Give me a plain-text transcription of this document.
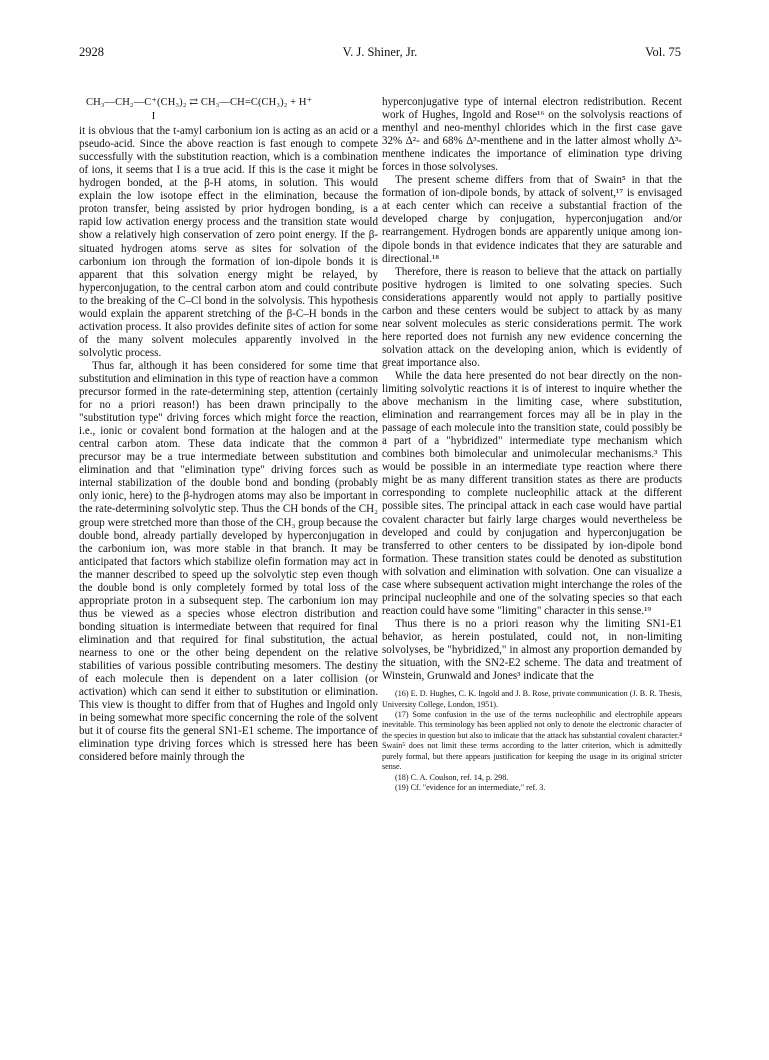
2928	V. J. Shiner, Jr.	Vol. 75
CH₃—CH₂—C⁺(CH₃)₂ ⇄ CH₃—CH=C(CH₃)₂ + H⁺
I

it is obvious that the t-amyl carbonium ion is acting as an acid or a pseudo-acid. Since the above reaction is fast enough to compete successfully with the substitution reaction, which is a combination of ions, it seems that I is a true acid. If this is the case it might be hydrogen bonded, at the β-H atoms, in solution. This would explain the low isotope effect in the elimination, because the proton transfer, being assisted by prior hydrogen bonding, is a rapid low activation energy process and the transition state would show a relatively high conservation of zero point energy. If the β-situated hydrogen atoms serve as sites for solvation of the carbonium ion through the formation of ion-dipole bonds it is apparent that this solvation energy might be relayed, by hyperconjugation, to the central carbon atom and could contribute to the breaking of the C–Cl bond in the solvolysis. This hypothesis would explain the apparent stretching of the β-C–H bonds in the activation process. It also provides definite sites of action for some of the many solvent molecules apparently involved in the solvolytic process.

Thus far, although it has been considered for some time that substitution and elimination in this type of reaction have a common precursor formed in the rate-determining step, attention (certainly for no a priori reason!) has been drawn principally to the "substitution type" driving forces which might force the reaction, i.e., ionic or covalent bond formation at the halogen and at the central carbon atom. These data indicate that the common precursor may be a true intermediate between substitution and elimination and that "elimination type" driving forces such as internal stabilization of the double bond and bonding (probably only ionic, here) to the β-hydrogen atoms may also be important in the rate-determining solvolytic step. Thus the CH bonds of the CH₂ group were stretched more than those of the CH₃ group because the double bond, already partially developed by hyperconjugation in the carbonium ion, was more stable in that branch. It may be anticipated that factors which stabilize olefin formation may act in the manner described to speed up the solvolytic step even though the double bond is only completely formed by total loss of the appropriate proton in a subsequent step. The carbonium ion may thus be viewed as a species whose electron distribution and bonding situation is intermediate between that required for final elimination and that required for final substitution, the actual nearness to one or the other being dependent on the relative stabilities of various possible contributing mesomers. The destiny of each molecule then is dependent on a later collision (or activation) which can send it either to substitution or elimination. This view is thought to differ from that of Hughes and Ingold only in being somewhat more specific concerning the role of the solvent but it of course fits the general SN1-E1 scheme. The importance of elimination type driving forces which is stressed here has been considered before mainly through the

hyperconjugative type of internal electron redistribution. Recent work of Hughes, Ingold and Rose¹⁶ on the solvolysis reactions of menthyl and neo-menthyl chlorides which in the first case gave 32% Δ²- and 68% Δ³-menthene and in the latter almost wholly Δ³-menthene indicates the importance of elimination type driving forces in those solvolyses.

The present scheme differs from that of Swain⁵ in that the formation of ion-dipole bonds, by attack of solvent,¹⁷ is envisaged at each center which can receive a substantial fraction of the developed charge by conjugation, hyperconjugation and/or rearrangement. Hydrogen bonds are apparently unique among ion-dipole bonds in that evidence indicates that they are saturable and directional.¹⁸

Therefore, there is reason to believe that the attack on partially positive hydrogen is limited to one solvating species. Such considerations apparently would not apply to partially positive carbon and these centers would be subject to attack by as many near solvent molecules as steric considerations permit. The work here reported does not furnish any new evidence concerning the solvation attack on the developing anion, which is evidently of great importance also.

While the data here presented do not bear directly on the non-limiting solvolytic reactions it is of interest to inquire whether the above mechanism in the limiting case, where substitution, elimination and rearrangement forces may all be in play in the passage of each molecule into the transition state, could possibly be a part of a "hybridized" intermediate type mechanism which combines both bimolecular and unimolecular mechanisms.³ This would be possible in an intermediate type reaction where there might be as many different transition states as there are products corresponding to complete nucleophilic attack at the different possible sites. The principal attack in each case would have partial covalent character but fairly large charges would nevertheless be developed and could by conjugation and hyperconjugation be transferred to other centers to be dissipated by ion-dipole bond formation. These transition states could be denoted as substitution with solvation and elimination with solvation. One can visualize a case where subsequent activation might interchange the roles of the principal nucleophile and one of the solvating species so that each reaction could have some "limiting" character in this sense.¹⁹

Thus there is no a priori reason why the limiting SN1-E1 behavior, as herein postulated, could not, in non-limiting solvolyses, be "hybridized," in almost any proportion demanded by the situation, with the SN2-E2 scheme. The data and treatment of Winstein, Grunwald and Jones³ indicate that the

(16) E. D. Hughes, C. K. Ingold and J. B. Rose, private communication (J. B. R. Thesis, University College, London, 1951).

(17) Some confusion in the use of the terms nucleophilic and electrophile appears inevitable. This terminology has been applied not only to denote the electronic character of the species in question but also to indicate that the attack has substantial covalent character.⁴ Swain⁵ does not limit these terms according to the latter criterion, which is admittedly purely formal, but there appears justification for keeping the usage in its original stricter sense.

(18) C. A. Coulson, ref. 14, p. 298.

(19) Cf. "evidence for an intermediate," ref. 3.
